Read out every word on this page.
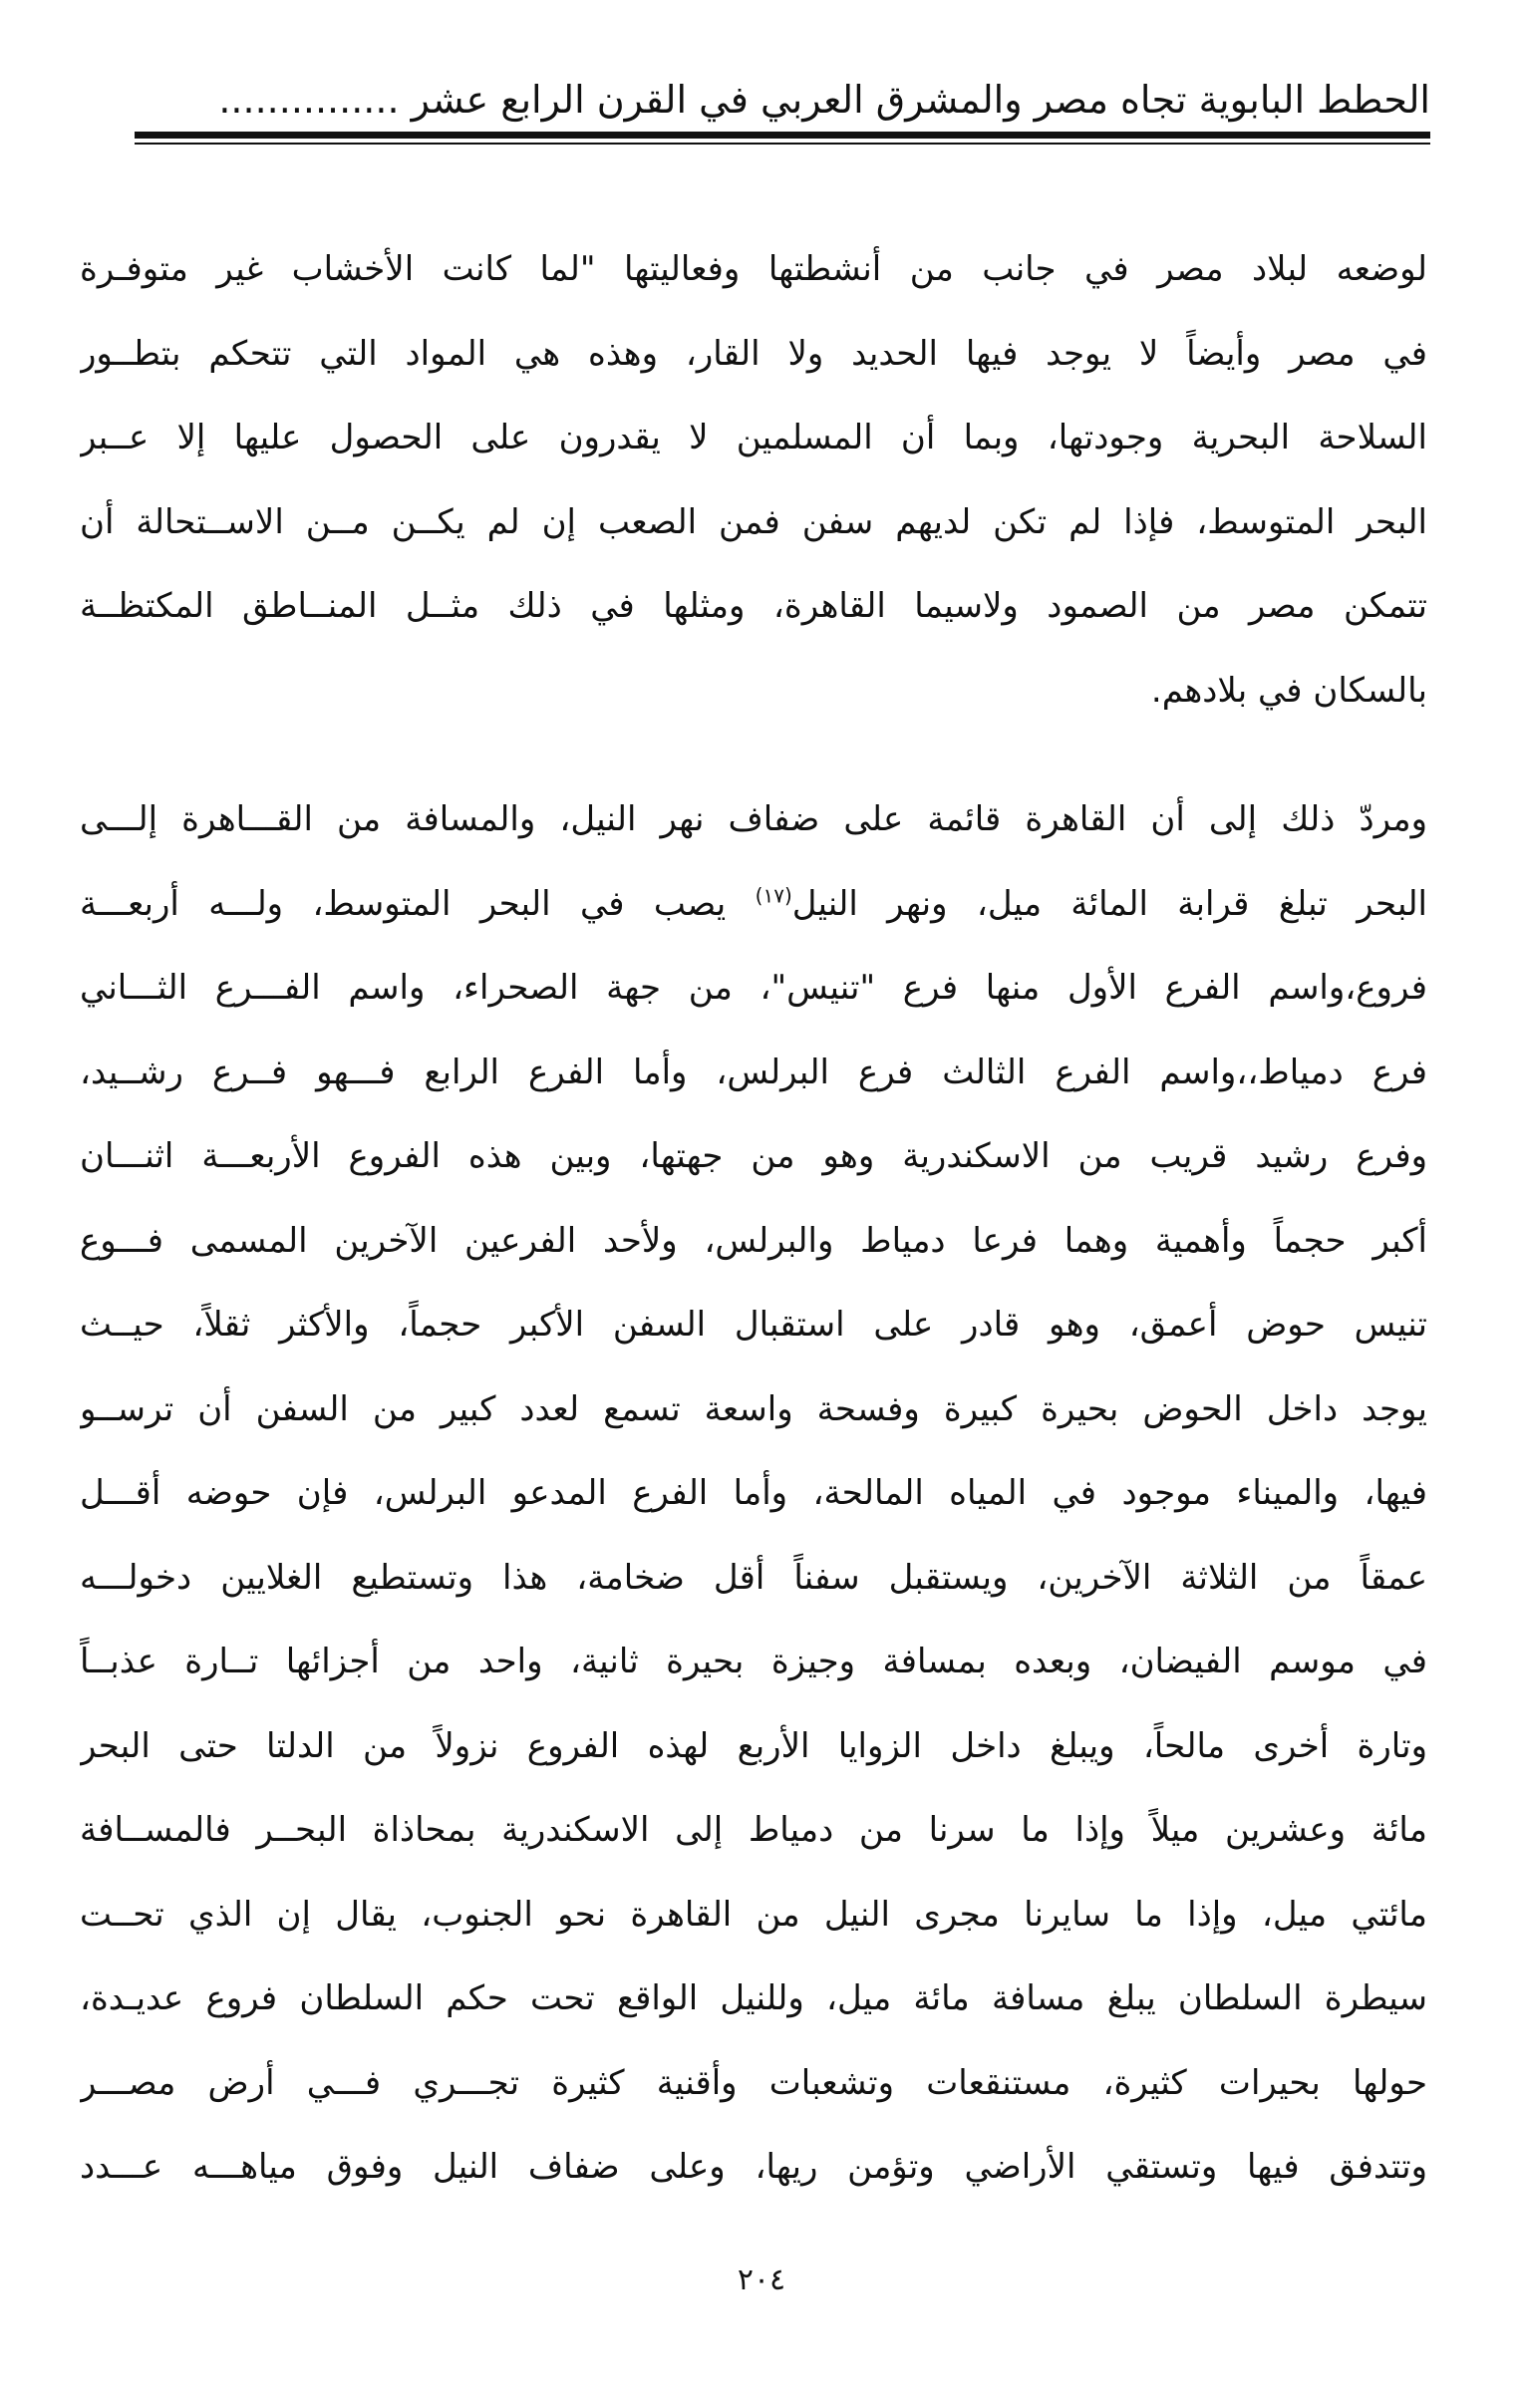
الحطط البابوية تجاه مصر والمشرق العربي في القرن الرابع عشر ...............
لوضعه لبلاد مصر في جانب من أنشطتها وفعاليتها "لما كانت الأخشاب غير متوفـرة
في مصر وأيضاً لا يوجد فيها الحديد ولا القار، وهذه هي المواد التي تتحكم بتطــور
السلاحة البحرية وجودتها، وبما أن المسلمين لا يقدرون على الحصول عليها إلا عــبر
البحر المتوسط، فإذا لم تكن لديهم سفن فمن الصعب إن لم يكــن مــن الاســتحالة أن
تتمكن مصر من الصمود ولاسيما القاهرة، ومثلها في ذلك مثــل المنــاطق المكتظــة
بالسكان في بلادهم.
ومردّ ذلك إلى أن القاهرة قائمة على ضفاف نهر النيل، والمسافة من القـــاهرة إلـــى
البحر تبلغ قرابة المائة ميل، ونهر النيل$^{(١٧)}$ يصب في البحر المتوسط، ولـــه أربعـــة
فروع،واسم الفرع الأول منها فرع "تنيس"، من جهة الصحراء، واسم الفـــرع الثـــاني
فرع دمياط،،واسم الفرع الثالث فرع البرلس، وأما الفرع الرابع فـــهو فــرع رشــيد،
وفرع رشيد قريب من الاسكندرية وهو من جهتها، وبين هذه الفروع الأربعـــة اثنـــان
أكبر حجماً وأهمية وهما فرعا دمياط والبرلس، ولأحد الفرعين الآخرين المسمى فـــوع
تنيس حوض أعمق، وهو قادر على استقبال السفن الأكبر حجماً، والأكثر ثقلاً، حيــث
يوجد داخل الحوض بحيرة كبيرة وفسحة واسعة تسمع لعدد كبير من السفن أن ترســو
فيها، والميناء موجود في المياه المالحة، وأما الفرع المدعو البرلس، فإن حوضه أقـــل
عمقاً من الثلاثة الآخرين، ويستقبل سفناً أقل ضخامة، هذا وتستطيع الغلايين دخولـــه
في موسم الفيضان، وبعده بمسافة وجيزة بحيرة ثانية، واحد من أجزائها تــارة عذبــاً
وتارة أخرى مالحاً، ويبلغ داخل الزوايا الأربع لهذه الفروع نزولاً من الدلتا حتى البحر
مائة وعشرين ميلاً وإذا ما سرنا من دمياط إلى الاسكندرية بمحاذاة البحــر فالمســافة
مائتي ميل، وإذا ما سايرنا مجرى النيل من القاهرة نحو الجنوب، يقال إن الذي تحــت
سيطرة السلطان يبلغ مسافة مائة ميل، وللنيل الواقع تحت حكم السلطان فروع عديـدة،
حولها بحيرات كثيرة، مستنقعات وتشعبات وأقنية كثيرة تجـــري فـــي أرض مصـــر
وتتدفق فيها وتستقي الأراضي وتؤمن ريها، وعلى ضفاف النيل وفوق مياهـــه عـــدد
٢٠٤
